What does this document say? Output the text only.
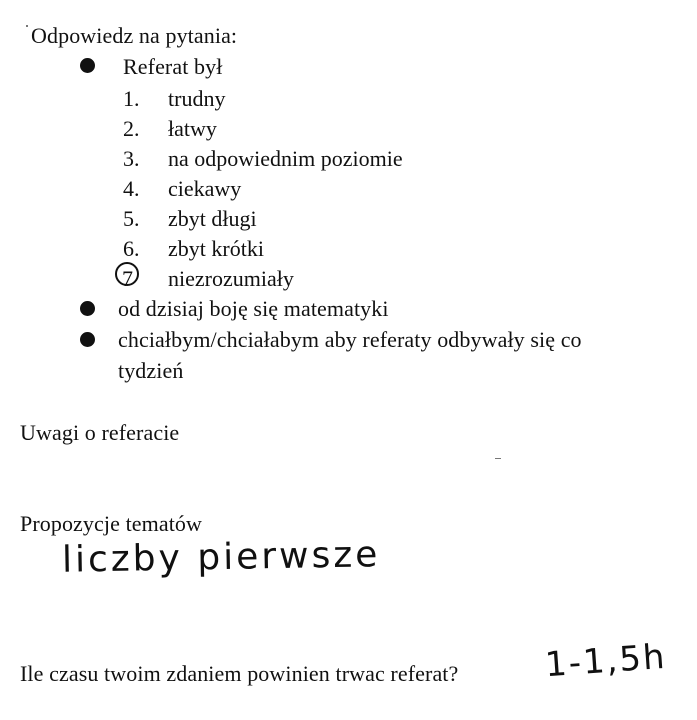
Odpowiedz na pytania:
Referat był
1. trudny
2. łatwy
3. na odpowiednim poziomie
4. ciekawy
5. zbyt długi
6. zbyt krótki
7 niezrozumiały
od dzisiaj boję się matematyki
chciałbym/chciałabym aby referaty odbywały się co
tydzień
Uwagi o referacie
Propozycje tematów
liczby pierwsze
Ile czasu twoim zdaniem powinien trwac referat?	1-1,5h
